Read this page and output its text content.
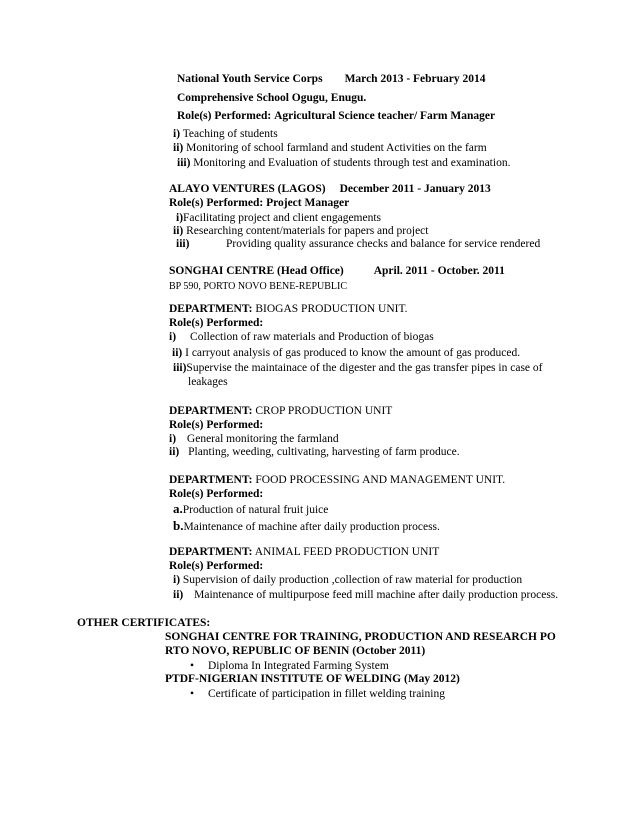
National Youth Service Corps March 2013 - February 2014
Comprehensive School Ogugu, Enugu.
Role(s) Performed: Agricultural Science teacher/ Farm Manager
i) Teaching of students
ii) Monitoring of school farmland and student Activities on the farm
iii) Monitoring and Evaluation of students through test and examination.
ALAYO VENTURES (LAGOS) December 2011 - January 2013
Role(s) Performed: Project Manager
i)Facilitating project and client engagements
ii) Researching content/materials for papers and project
iii)	Providing quality assurance checks and balance for service rendered
SONGHAI CENTRE (Head Office)	April. 2011 - October. 2011
BP 590, PORTO NOVO BENE-REPUBLIC
DEPARTMENT: BIOGAS PRODUCTION UNIT.
Role(s) Performed:
i) Collection of raw materials and Production of biogas
ii) I carryout analysis of gas produced to know the amount of gas produced.
iii)Supervise the maintainace of the digester and the gas transfer pipes in case of
leakages
DEPARTMENT: CROP PRODUCTION UNIT
Role(s) Performed:
i) General monitoring the farmland
ii) Planting, weeding, cultivating, harvesting of farm produce.
DEPARTMENT: FOOD PROCESSING AND MANAGEMENT UNIT.
Role(s) Performed:
a.Production of natural fruit juice
b.Maintenance of machine after daily production process.
DEPARTMENT: ANIMAL FEED PRODUCTION UNIT
Role(s) Performed:
i) Supervision of daily production ,collection of raw material for production
ii) Maintenance of multipurpose feed mill machine after daily production process.
OTHER CERTIFICATES:
SONGHAI CENTRE FOR TRAINING, PRODUCTION AND RESEARCH PO
RTO NOVO, REPUBLIC OF BENIN (October 2011)
• Diploma In Integrated Farming System
PTDF-NIGERIAN INSTITUTE OF WELDING (May 2012)
• Certificate of participation in fillet welding training
